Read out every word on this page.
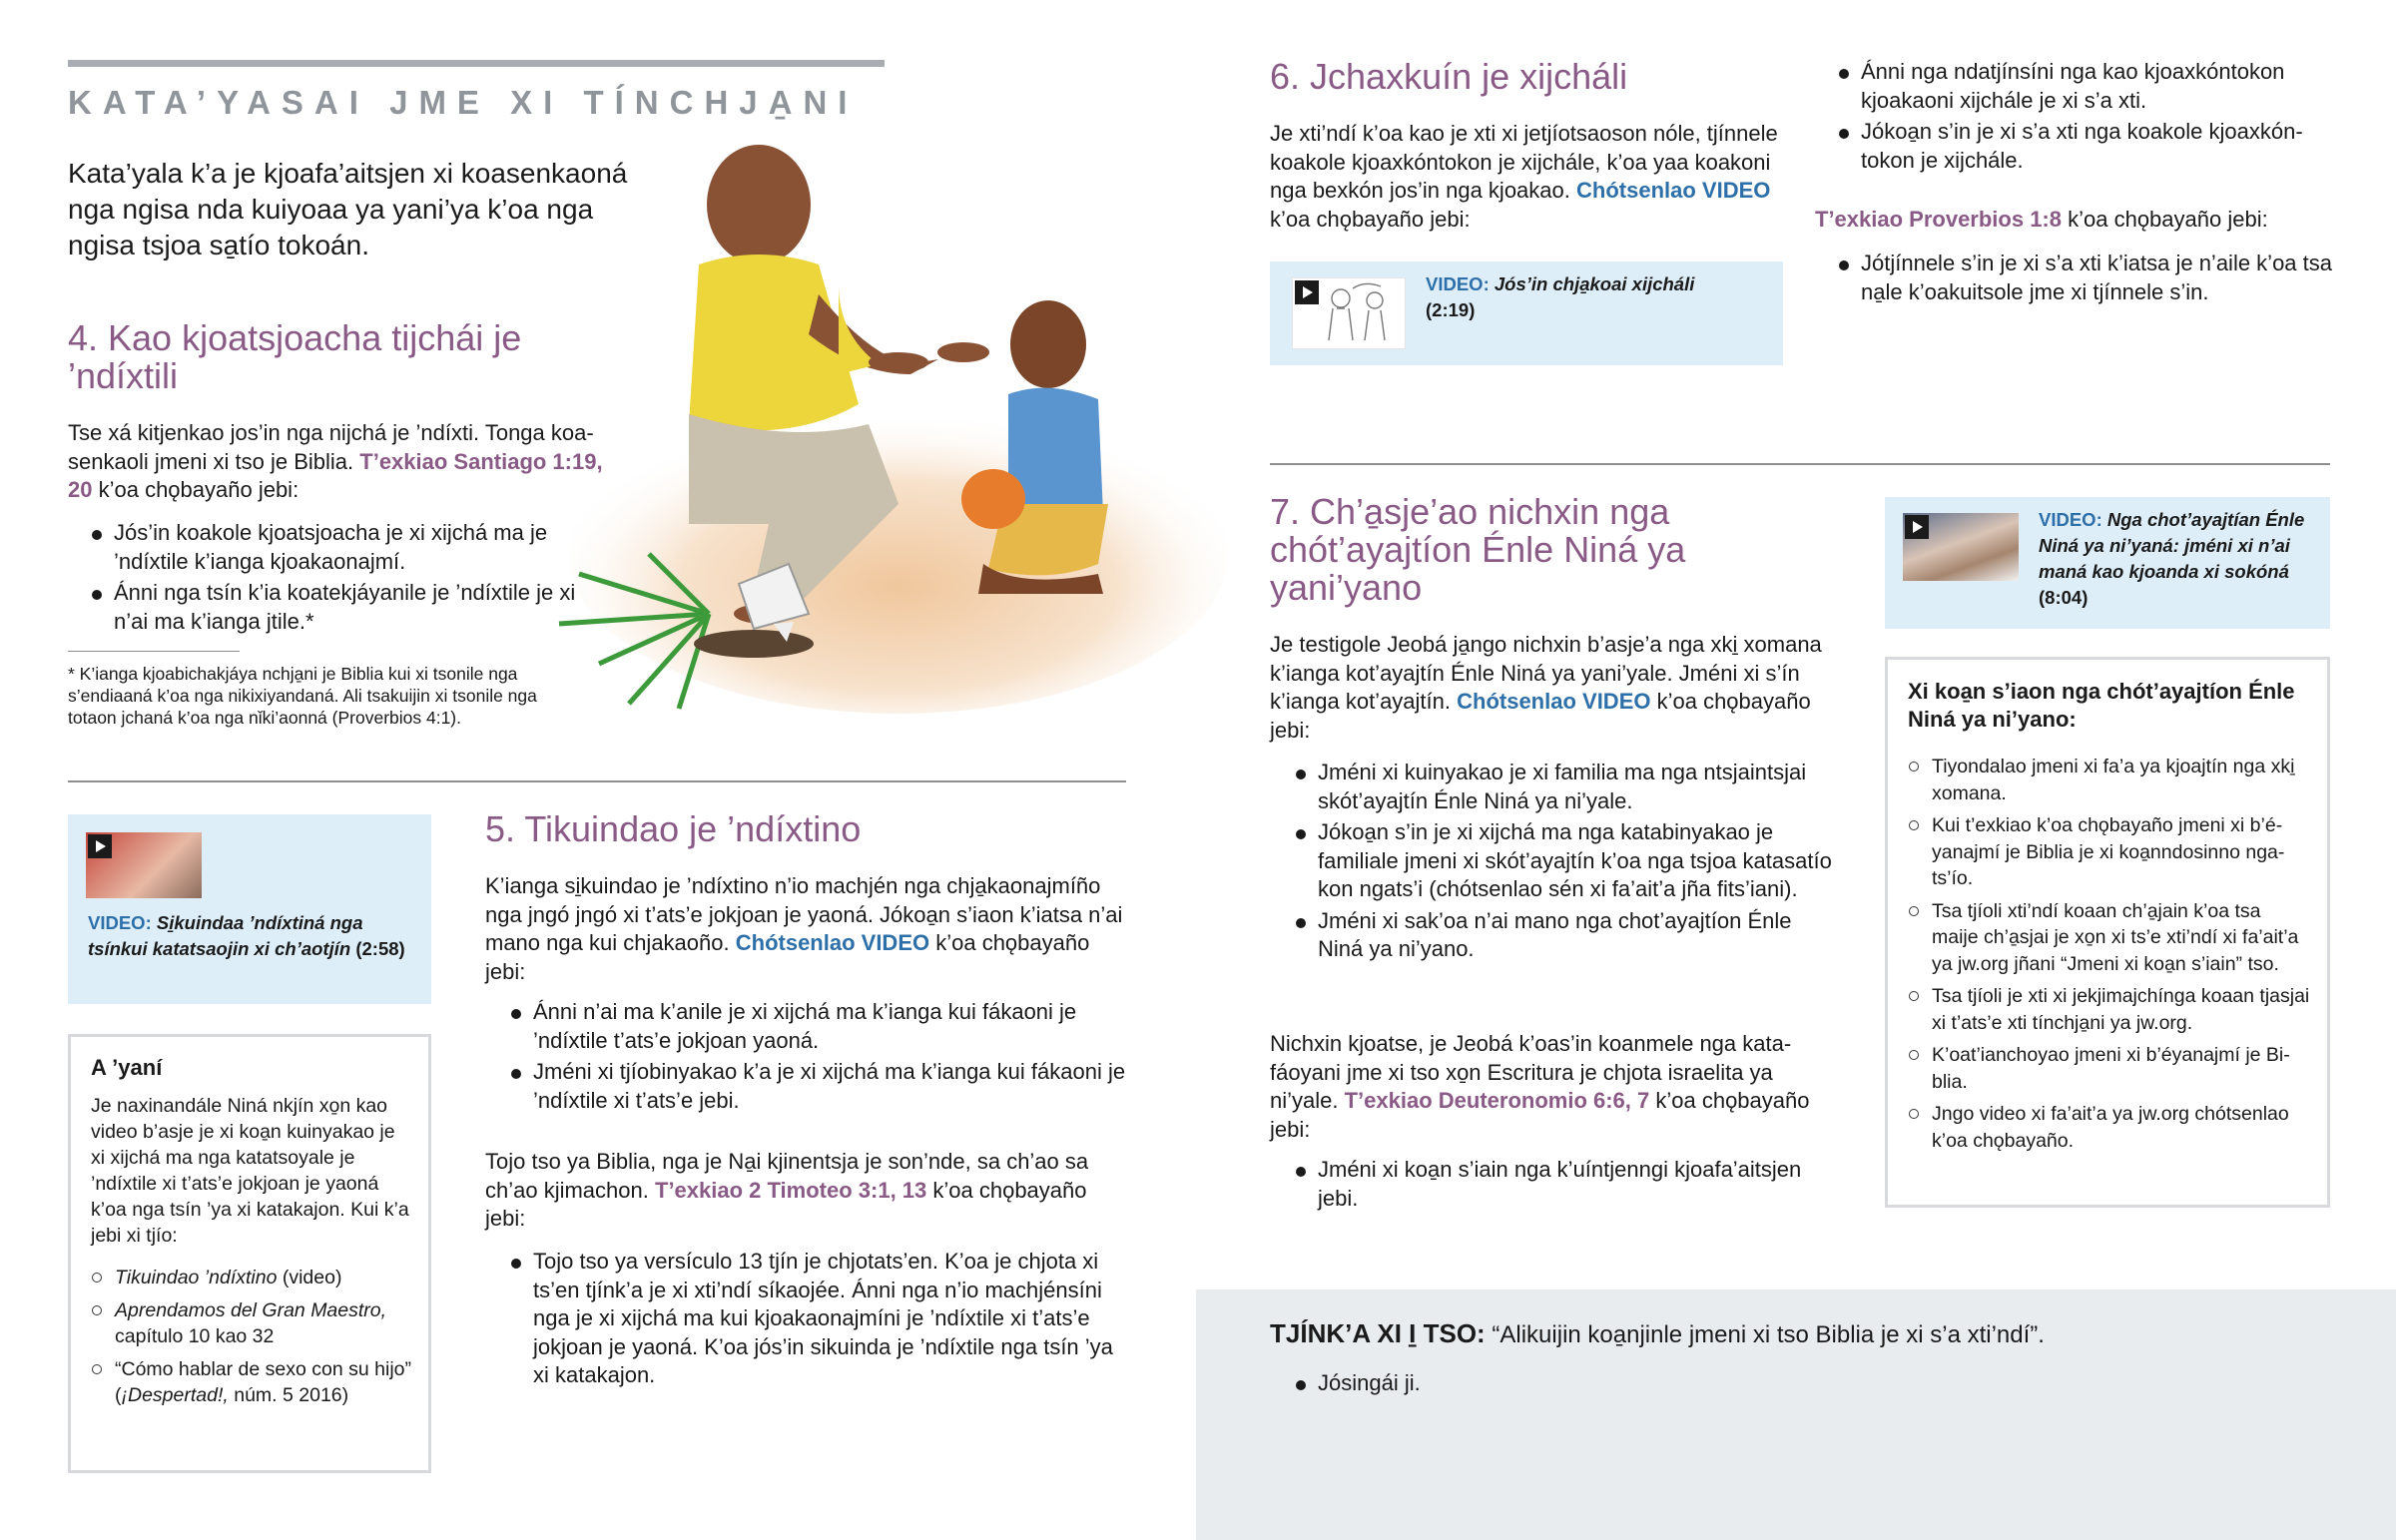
KATA’YASAI JME XI TÍNCHJA̱NI
Kata’yala k’a je kjoafa’aitsjen xi koasenkaoná nga ngisa nda kuiyoaa ya yani’ya k’oa nga ngisa tsjoa sa̱tío tokoán.
4. Kao kjoatsjoacha tijchái je ’ndíxtili

Tse xá kitjenkao jos’in nga nijchá je ’ndíxti. Tonga koasenkaoli jmeni xi tso je Biblia. T’exkiao Santiago 1:19, 20 k’oa chǫbayaño jebi:

Jós’in koakole kjoatsjoacha je xi xijchá ma je ’ndíxtile k’ianga kjoakaonajmí.
Ánni nga tsín k’ia koatekjáyanile je ’ndíxtile je xi n’ai ma k’ianga jtile.*
* K’ianga kjoabichakjáya nchja̱ni je Biblia kui xi tsonile nga s’endiaaná k’oa nga nikixiyandaná. Ali tsakuijin xi tsonile nga totaon jchaná k’oa nga nǐki’aonná (Proverbios 4:1).
VIDEO: Si̱kuindaa ’ndíxtiná nga tsínkui katatsaojin xi ch’aotjín (2:58)
A ’yaní

Je naxinandále Niná nkjín xo̱n kao video b’asje je xi koa̱n kuinyakao je xi xijchá ma nga katatsoyale je ’ndíxtile xi t’ats’e jokjoan je yaoná k’oa nga tsín ’ya xi katakajon. Kui k’a jebi xi tjío:

Tikuindao ’ndíxtino (video)
Aprendamos del Gran Maestro, capítulo 10 kao 32
“Cómo hablar de sexo con su hijo” (¡Despertad!, núm. 5 2016)
5. Tikuindao je ’ndíxtino

K’ianga si̱kuindao je ’ndíxtino n’io machjén nga chja̱kaonajmíño nga jngó jngó xi t’ats’e jokjoan je yaoná. Jókoa̱n s’iaon k’iatsa n’ai mano nga kui chjakaoño. Chótsenlao VIDEO k’oa chǫbayaño jebi:

Ánni n’ai ma k’anile je xi xijchá ma k’ianga kui fákaoni je ’ndíxtile t’ats’e jokjoan yaoná.
Jméni xi tjíobinyakao k’a je xi xijchá ma k’ianga kui fákaoni je ’ndíxtile xi t’ats’e jebi.

Tojo tso ya Biblia, nga je Na̱i kjinentsja je son’nde, sa ch’ao sa ch’ao kjimachon. T’exkiao 2 Timoteo 3:1, 13 k’oa chǫbayaño jebi:

Tojo tso ya versículo 13 tjín je chjotats’en. K’oa je chjota xi ts’en tjínk’a je xi xti’ndí síkaojée. Ánni nga n’io machjénsíni nga je xi xijchá ma kui kjoakaonajmíni je ’ndíxtile xi t’ats’e jokjoan je yaoná. K’oa jós’in sikuinda je ’ndíxtile nga tsín ’ya xi katakajon.
6. Jchaxkuín je xijcháli

Je xti’ndí k’oa kao je xti xi jetjíotsaoson nóle, tjínnele koakole kjoaxkóntokon je xijchále, k’oa yaa koakoni nga bexkón jos’in nga kjoakao. Chótsenlao VIDEO k’oa chǫbayaño jebi:

VIDEO: Jós’in chja̱koai xijcháli
(2:19)
Ánni nga ndatjínsíni nga kao kjoaxkóntokon kjoakaoni xijchále je xi s’a xti.
Jókoa̱n s’in je xi s’a xti nga koakole kjoaxkóntokon je xijchále.

T’exkiao Proverbios 1:8 k’oa chǫbayaño jebi:

Jótjínnele s’in je xi s’a xti k’iatsa je n’aile k’oa tsa na̱le k’oakuitsole jme xi tjínnele s’in.
7. Ch’a̱sje’ao nichxin nga chót’ayajtíon Énle Niná ya yani’yano

Je testigole Jeobá ja̱ngo nichxin b’asje’a nga xki̱ xomana k’ianga kot’ayajtín Énle Niná ya yani’yale. Jméni xi s’ín k’ianga kot’ayajtín. Chótsenlao VIDEO k’oa chǫbayaño jebi:

Jméni xi kuinyakao je xi familia ma nga ntsjaintsjai skót’ayajtín Énle Niná ya ni’yale.
Jókoa̱n s’in je xi xijchá ma nga katabinyakao je familiale jmeni xi skót’ayajtín k’oa nga tsjoa katasatío kon ngats’i (chótsenlao sén xi fa’ait’a jña fits’iani).
Jméni xi sak’oa n’ai mano nga chot’ayajtíon Énle Niná ya ni’yano.

Nichxin kjoatse, je Jeobá k’oas’in koanmele nga katafáoyani jme xi tso xo̱n Escritura je chjota israelita ya ni’yale. T’exkiao Deuteronomio 6:6, 7 k’oa chǫbayaño jebi:

Jméni xi koa̱n s’iain nga k’uíntjenngi kjoafa’aitsjen jebi.
VIDEO: Nga chot’ayajtían Énle Niná ya ni’yaná: jméni xi n’ai maná kao kjoanda xi sokóná (8:04)
Xi koa̱n s’iaon nga chót’ayajtíon Énle Niná ya ni’yano:
Tiyondalao jmeni xi fa’a ya kjoajtín nga xki̱ xomana.
Kui t’exkiao k’oa chǫbayaño jmeni xi b’éyanajmí je Biblia je xi koa̱nndosinno ngats’ío.
Tsa tjíoli xti’ndí koaan ch’a̱jain k’oa tsa maije ch’a̱sjai je xo̱n xi ts’e xti’ndí xi fa’ait’a ya jw.org jñani “Jmeni xi koa̱n s’iain” tso.
Tsa tjíoli je xti xi jekjimajchínga koaan tjasjai xi t’ats’e xti tínchja̱ni ya jw.org.
K’oat’ianchoyao jmeni xi b’éyanajmí je Biblia.
Jngo video xi fa’ait’a ya jw.org chótsenlao k’oa chǫbayaño.

TJÍNK’A XI I̱ TSO: “Alikuijin koa̱njinle jmeni xi tso Biblia je xi s’a xti’ndí”.

Jósingái ji.
